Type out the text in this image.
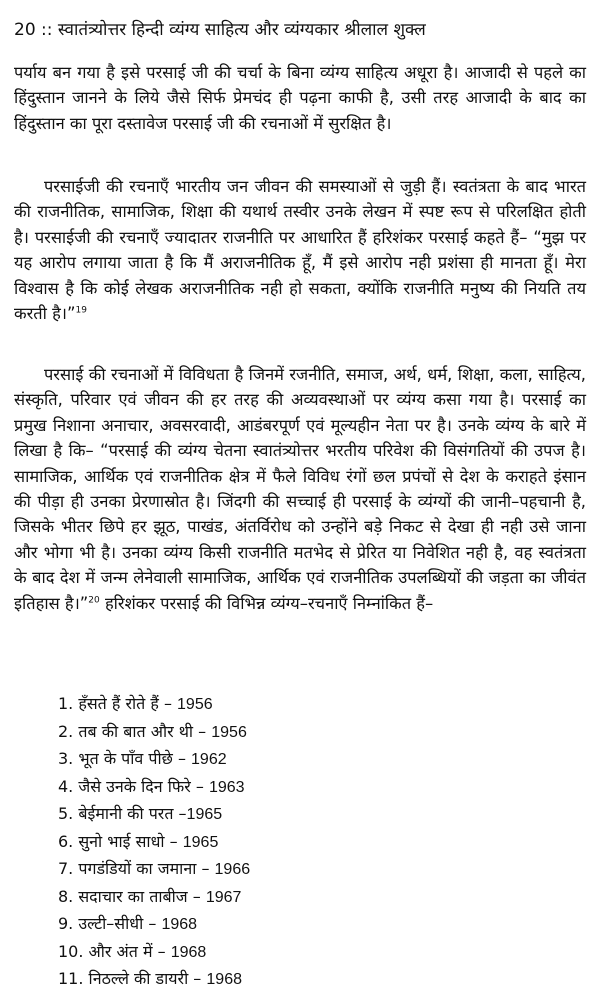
20 :: स्वातंत्र्योत्तर हिन्दी व्यंग्य साहित्य और व्यंग्यकार श्रीलाल शुक्ल

पर्याय बन गया है इसे परसाई जी की चर्चा के बिना व्यंग्य साहित्य अधूरा है। आजादी से पहले का हिंदुस्तान जानने के लिये जैसे सिर्फ प्रेमचंद ही पढ़ना काफी है, उसी तरह आजादी के बाद का हिंदुस्तान का पूरा दस्तावेज परसाई जी की रचनाओं में सुरक्षित है।

परसाईजी की रचनाएँ भारतीय जन जीवन की समस्याओं से जुड़ी हैं। स्वतंत्रता के बाद भारत की राजनीतिक, सामाजिक, शिक्षा की यथार्थ तस्वीर उनके लेखन में स्पष्ट रूप से परिलक्षित होती है। परसाईजी की रचनाएँ ज्यादातर राजनीति पर आधारित हैं हरिशंकर परसाई कहते हैं– “मुझ पर यह आरोप लगाया जाता है कि मैं अराजनीतिक हूँ, मैं इसे आरोप नही प्रशंसा ही मानता हूँ। मेरा विश्वास है कि कोई लेखक अराजनीतिक नही हो सकता, क्योंकि राजनीति मनुष्य की नियति तय करती है।”$^{19}$

परसाई की रचनाओं में विविधता है जिनमें रजनीति, समाज, अर्थ, धर्म, शिक्षा, कला, साहित्य, संस्कृति, परिवार एवं जीवन की हर तरह की अव्यवस्थाओं पर व्यंग्य कसा गया है। परसाई का प्रमुख निशाना अनाचार, अवसरवादी, आडंबरपूर्ण एवं मूल्यहीन नेता पर है। उनके व्यंग्य के बारे में लिखा है कि– “परसाई की व्यंग्य चेतना स्वातंत्र्योत्तर भरतीय परिवेश की विसंगतियों की उपज है। सामाजिक, आर्थिक एवं राजनीतिक क्षेत्र में फैले विविध रंगों छल प्रपंचों से देश के कराहते इंसान की पीड़ा ही उनका प्रेरणास्रोत है। जिंदगी की सच्चाई ही परसाई के व्यंग्यों की जानी–पहचानी है, जिसके भीतर छिपे हर झूठ, पाखंड, अंतर्विरोध को उन्होंने बड़े निकट से देखा ही नही उसे जाना और भोगा भी है। उनका व्यंग्य किसी राजनीति मतभेद से प्रेरित या निवेशित नही है, वह स्वतंत्रता के बाद देश में जन्म लेनेवाली सामाजिक, आर्थिक एवं राजनीतिक उपलब्धियों की जड़ता का जीवंत इतिहास है।”$^{20}$ हरिशंकर परसाई की विभिन्न व्यंग्य–रचनाएँ निम्नांकित हैं–

1. हँसते हैं रोते हैं – 1956
2. तब की बात और थी – 1956
3. भूत के पाँव पीछे – 1962
4. जैसे उनके दिन फिरे – 1963
5. बेईमानी की परत –1965
6. सुनो भाई साधो – 1965
7. पगडंडियों का जमाना – 1966
8. सदाचार का ताबीज – 1967
9. उल्टी–सीधी – 1968
10. और अंत में – 1968
11. निठल्ले की डायरी – 1968
